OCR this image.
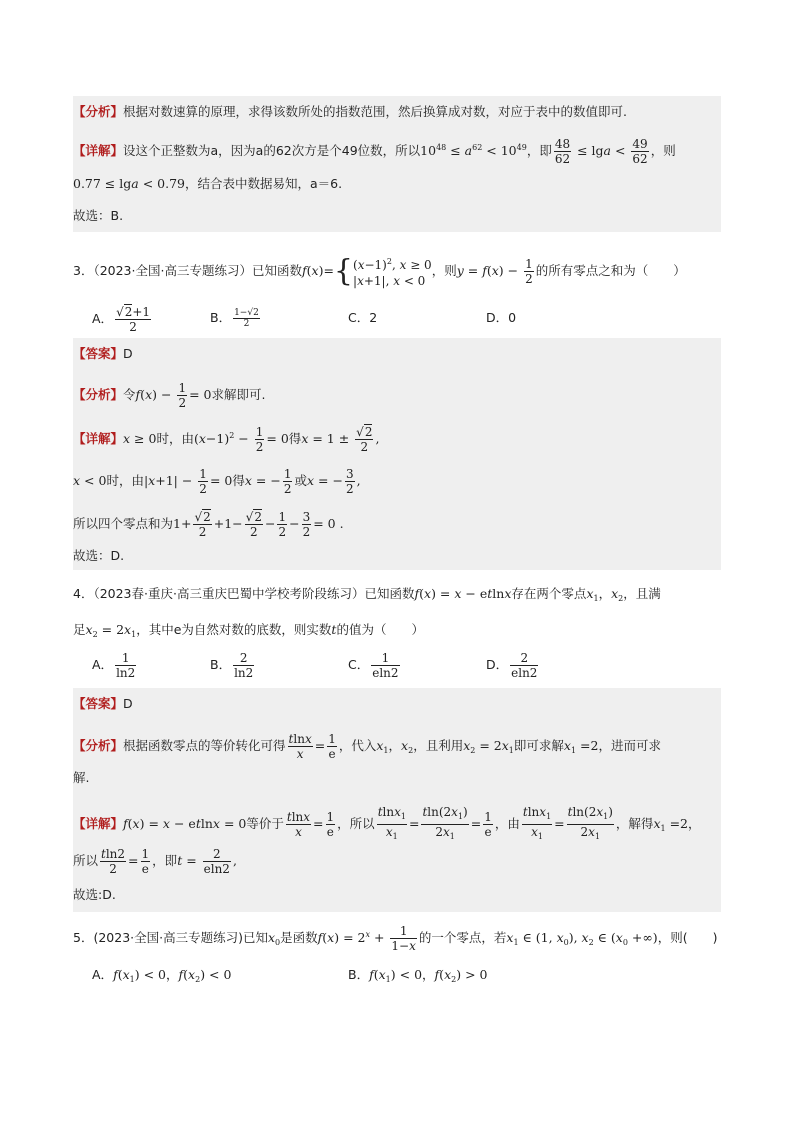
【分析】根据对数速算的原理，求得该数所处的指数范围，然后换算成对数，对应于表中的数值即可.
【详解】设这个正整数为a，因为a的62次方是个49位数，所以$10^{48} \le a^{62} < 10^{49}$，即 $\frac{48}{62} \le \lg a < \frac{49}{62}$ ，则
0.77 ≤ lga < 0.79，结合表中数据易知，a＝6.
故选：B.
3．（2023·全国·高三专题练习）已知函数$f(x)=\{(x-1)^2$, x ≥ 0
|x+1|, x < 0，则$y = f(x) - \frac{1}{2}$ 的所有零点之和为（　　）
A． $\frac{√2+1}{2}$	B． $\frac{1-√2}{2}$	C．2	D．0
【答案】D
【分析】令$f(x) - \frac{1}{2} = 0$求解即可.
【详解】x ≥ 0时，由$(x-1)^2 - \frac{1}{2} = 0$得$x = 1 \pm \frac{√2}{2}$ ,
x < 0时，由$|x+1| - \frac{1}{2} = 0$得x = − $\frac{1}{2}$ 或x = − $\frac{3}{2}$ ,
所以四个零点和为$1+ \frac{√2}{2} +1- \frac{√2}{2} - \frac{1}{2} - \frac{3}{2} = 0$ .
故选：D.
4．（2023春·重庆·高三重庆巴蜀中学校考阶段练习）已知函数f(x) = x − etlnx存在两个零点$x_1$，$x_2$，且满
足$x_2 = 2x_1$，其中e为自然对数的底数，则实数t的值为（　　）
A． $\frac{1}{\ln 2}$	B． $\frac{2}{\ln 2}$	C． $\frac{1}{eln2}$	D． $\frac{2}{eln2}$
【答案】D
【分析】根据函数零点的等价转化可得 $\frac{tlnx}{x} = \frac{1}{e}$ ，代入$x_1$，$x_2$，且利用$x_2 = 2x_1$即可求解$x_1 =2$，进而可求
解.
【详解】f(x) = x − etlnx = 0等价于 $\frac{tlnx}{x} = \frac{1}{e}$ ，所以 $\frac{tlnx_1}{x_1} = \frac{tln(2x_1)}{2x_1} = \frac{1}{e}$ ，由 $\frac{tlnx_1}{x_1} = \frac{tln(2x_1)}{2x_1}$ ，解得$x_1 =2$，
所以 $\frac{tln2}{2} = \frac{1}{e}$ ，即$t = \frac{2}{eln2}$ ,
故选:D.
5．(2023·全国·高三专题练习)已知$x_0$是函数$f(x) = 2^x + \frac{1}{1-x}$ 的一个零点，若$x_1$ ∈ (1, $x_0$), $x_2$ ∈ ($x_0$ +∞)，则(　　)
A．$f(x_1) < 0$，$f(x_2) < 0$	B．$f(x_1) < 0$，$f(x_2) > 0$
